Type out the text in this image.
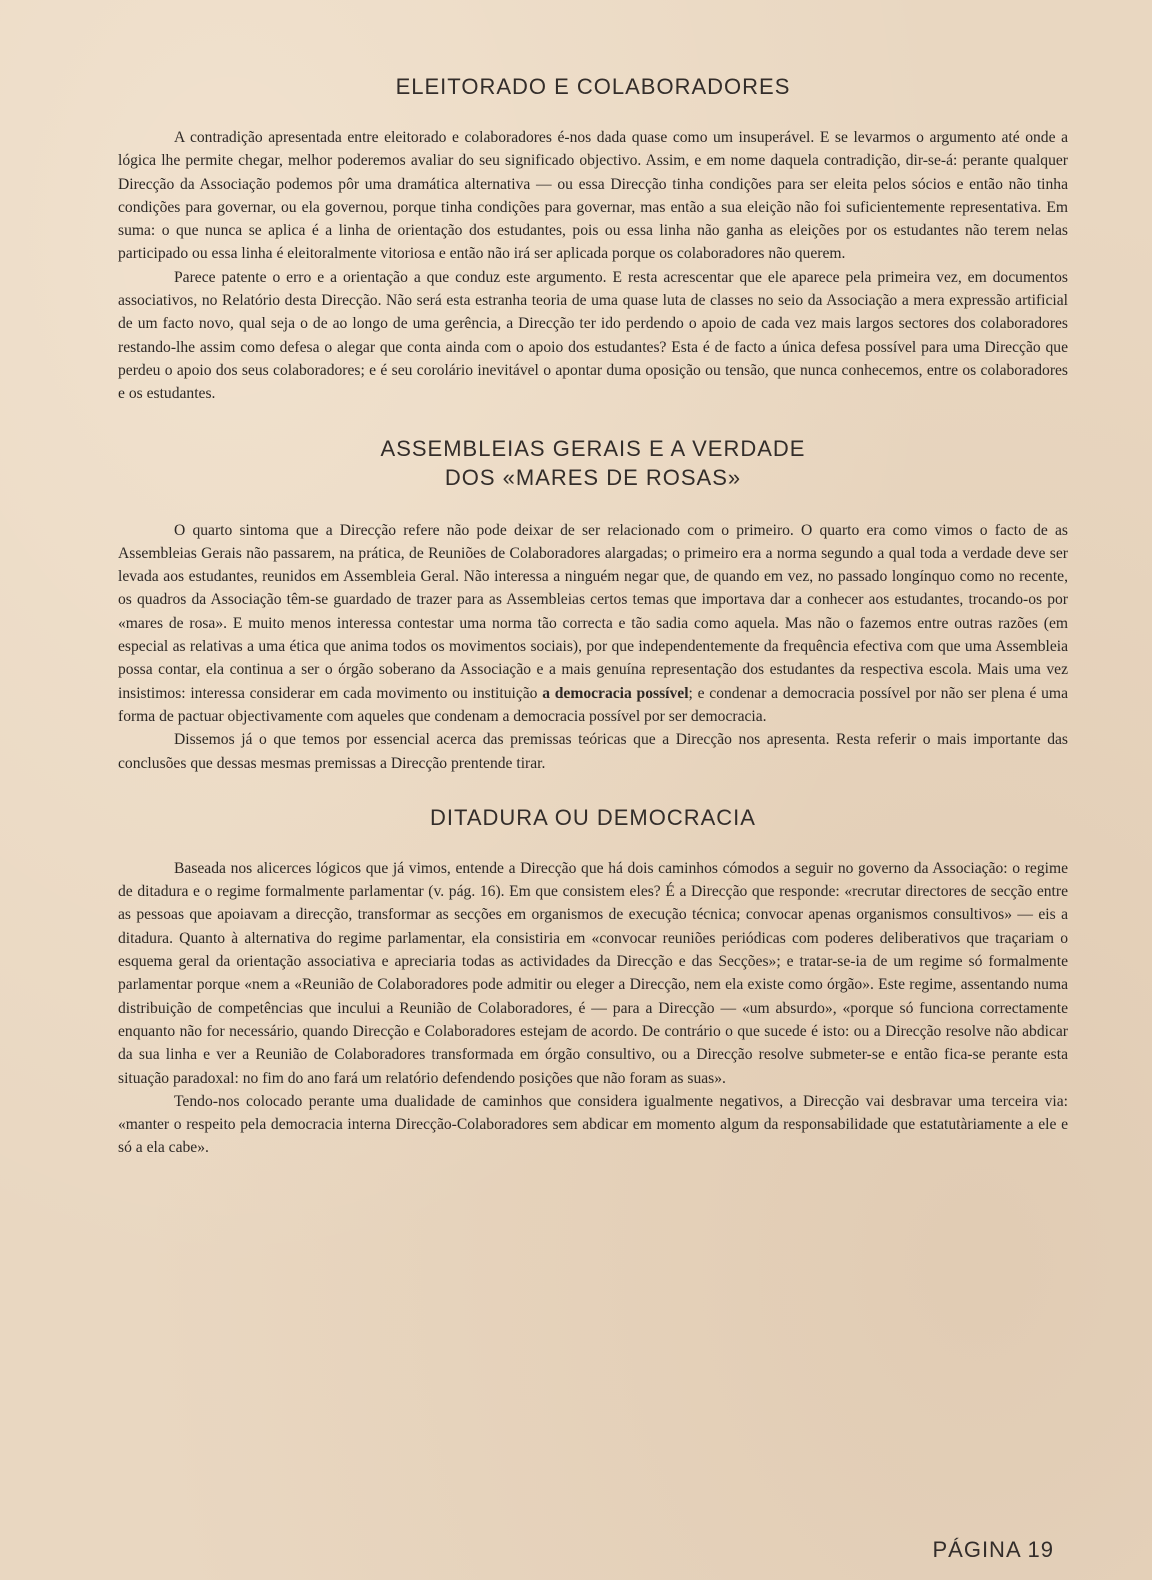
ELEITORADO E COLABORADORES

A contradição apresentada entre eleitorado e colaboradores é-nos dada quase como um insuperável. E se levarmos o argumento até onde a lógica lhe permite chegar, melhor poderemos avaliar do seu significado objectivo. Assim, e em nome daquela contradição, dir-se-á: perante qualquer Direcção da Associação podemos pôr uma dramática alternativa — ou essa Direcção tinha condições para ser eleita pelos sócios e então não tinha condições para governar, ou ela governou, porque tinha condições para governar, mas então a sua eleição não foi suficientemente representativa. Em suma: o que nunca se aplica é a linha de orientação dos estudantes, pois ou essa linha não ganha as eleições por os estudantes não terem nelas participado ou essa linha é eleitoralmente vitoriosa e então não irá ser aplicada porque os colaboradores não querem.

Parece patente o erro e a orientação a que conduz este argumento. E resta acrescentar que ele aparece pela primeira vez, em documentos associativos, no Relatório desta Direcção. Não será esta estranha teoria de uma quase luta de classes no seio da Associação a mera expressão artificial de um facto novo, qual seja o de ao longo de uma gerência, a Direcção ter ido perdendo o apoio de cada vez mais largos sectores dos colaboradores restando-lhe assim como defesa o alegar que conta ainda com o apoio dos estudantes? Esta é de facto a única defesa possível para uma Direcção que perdeu o apoio dos seus colaboradores; e é seu corolário inevitável o apontar duma oposição ou tensão, que nunca conhecemos, entre os colaboradores e os estudantes.

ASSEMBLEIAS GERAIS E A VERDADE
DOS «MARES DE ROSAS»

O quarto sintoma que a Direcção refere não pode deixar de ser relacionado com o primeiro. O quarto era como vimos o facto de as Assembleias Gerais não passarem, na prática, de Reuniões de Colaboradores alargadas; o primeiro era a norma segundo a qual toda a verdade deve ser levada aos estudantes, reunidos em Assembleia Geral. Não interessa a ninguém negar que, de quando em vez, no passado longínquo como no recente, os quadros da Associação têm-se guardado de trazer para as Assembleias certos temas que importava dar a conhecer aos estudantes, trocando-os por «mares de rosa». E muito menos interessa contestar uma norma tão correcta e tão sadia como aquela. Mas não o fazemos entre outras razões (em especial as relativas a uma ética que anima todos os movimentos sociais), por que independentemente da frequência efectiva com que uma Assembleia possa contar, ela continua a ser o órgão soberano da Associação e a mais genuína representação dos estudantes da respectiva escola. Mais uma vez insistimos: interessa considerar em cada movimento ou instituição a democracia possível; e condenar a democracia possível por não ser plena é uma forma de pactuar objectivamente com aqueles que condenam a democracia possível por ser democracia.

Dissemos já o que temos por essencial acerca das premissas teóricas que a Direcção nos apresenta. Resta referir o mais importante das conclusões que dessas mesmas premissas a Direcção prentende tirar.

DITADURA OU DEMOCRACIA

Baseada nos alicerces lógicos que já vimos, entende a Direcção que há dois caminhos cómodos a seguir no governo da Associação: o regime de ditadura e o regime formalmente parlamentar (v. pág. 16). Em que consistem eles? É a Direcção que responde: «recrutar directores de secção entre as pessoas que apoiavam a direcção, transformar as secções em organismos de execução técnica; convocar apenas organismos consultivos» — eis a ditadura. Quanto à alternativa do regime parlamentar, ela consistiria em «convocar reuniões periódicas com poderes deliberativos que traçariam o esquema geral da orientação associativa e apreciaria todas as actividades da Direcção e das Secções»; e tratar-se-ia de um regime só formalmente parlamentar porque «nem a «Reunião de Colaboradores pode admitir ou eleger a Direcção, nem ela existe como órgão». Este regime, assentando numa distribuição de competências que incului a Reunião de Colaboradores, é — para a Direcção — «um absurdo», «porque só funciona correctamente enquanto não for necessário, quando Direcção e Colaboradores estejam de acordo. De contrário o que sucede é isto: ou a Direcção resolve não abdicar da sua linha e ver a Reunião de Colaboradores transformada em órgão consultivo, ou a Direcção resolve submeter-se e então fica-se perante esta situação paradoxal: no fim do ano fará um relatório defendendo posições que não foram as suas».

Tendo-nos colocado perante uma dualidade de caminhos que considera igualmente negativos, a Direcção vai desbravar uma terceira via: «manter o respeito pela democracia interna Direcção-Colaboradores sem abdicar em momento algum da responsabilidade que estatutàriamente a ele e só a ela cabe».

PÁGINA 19
